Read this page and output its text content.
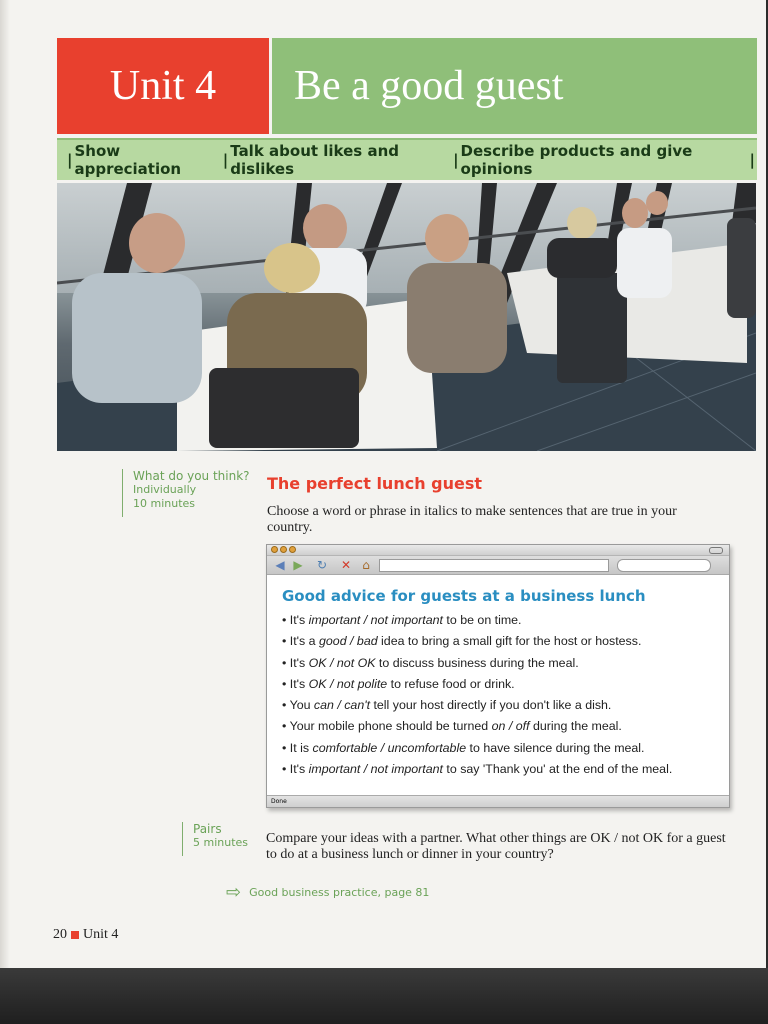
Unit 4	Be a good guest
| Show appreciation	| Talk about likes and dislikes	| Describe products and give opinions	|
What do you think?
Individually
10 minutes
The perfect lunch guest
Choose a word or phrase in italics to make sentences that are true in your country.
◀ ▶ ↻ ✕ ⌂
Good advice for guests at a business lunch
• It's important / not important to be on time.
• It's a good / bad idea to bring a small gift for the host or hostess.
• It's OK / not OK to discuss business during the meal.
• It's OK / not polite to refuse food or drink.
• You can / can't tell your host directly if you don't like a dish.
• Your mobile phone should be turned on / off during the meal.
• It is comfortable / uncomfortable to have silence during the meal.
• It's important / not important to say 'Thank you' at the end of the meal.
Done
Pairs
5 minutes Compare your ideas with a partner. What other things are OK / not OK for a guest to do at a business lunch or dinner in your country?
⇨ Good business practice, page 81
20 Unit 4
